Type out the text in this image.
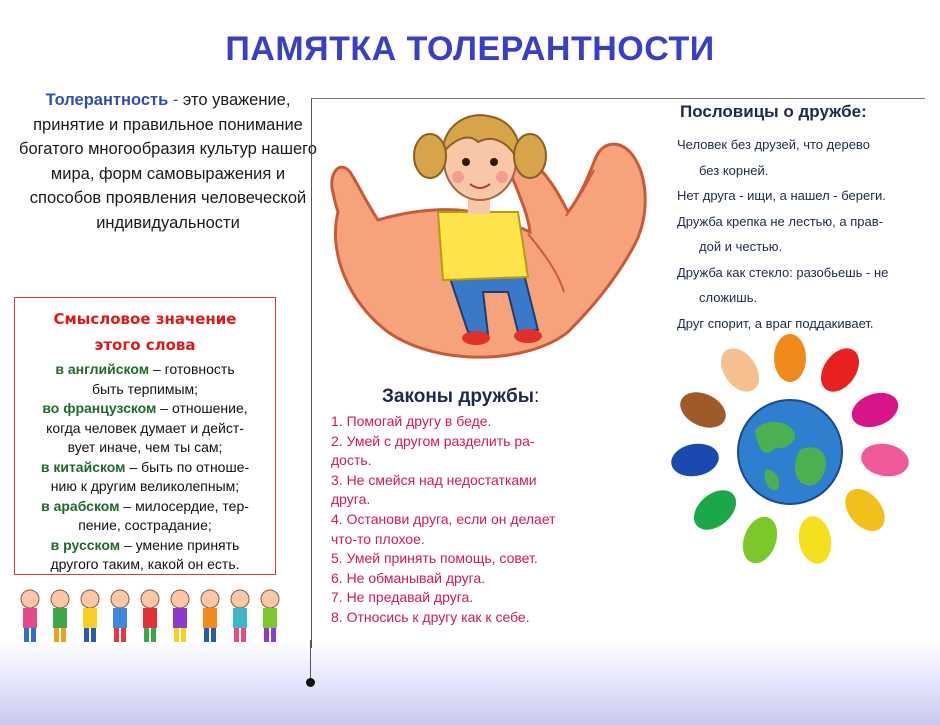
ПАМЯТКА ТОЛЕРАНТНОСТИ
Толерантность - это уважение, принятие и правильное понимание богатого многообразия культур нашего мира, форм самовыражения и способов проявления человеческой индивидуальности
Смысловое значение
этого слова
в английском – готовность
быть терпимым;
во французском – отношение,
когда человек думает и дейст-
вует иначе, чем ты сам;
в китайском – быть по отноше-
нию к другим великолепным;
в арабском – милосердие, тер-
пение, сострадание;
в русском – умение принять
другого таким, какой он есть.
Пословицы о дружбе:
Человек без друзей, что дерево
без корней.
Нет друга - ищи, а нашел - береги.
Дружба крепка не лестью, а прав-
дой и честью.
Дружба как стекло: разобьешь - не
сложишь.
Друг спорит, а враг поддакивает.
Законы дружбы:
1. Помогай другу в беде.
2. Умей с другом разделить ра-
дость.
3. Не смейся над недостатками
друга.
4. Останови друга, если он делает
что-то плохое.
5. Умей принять помощь, совет.
6. Не обманывай друга.
7. Не предавай друга.
8. Относись к другу как к себе.
